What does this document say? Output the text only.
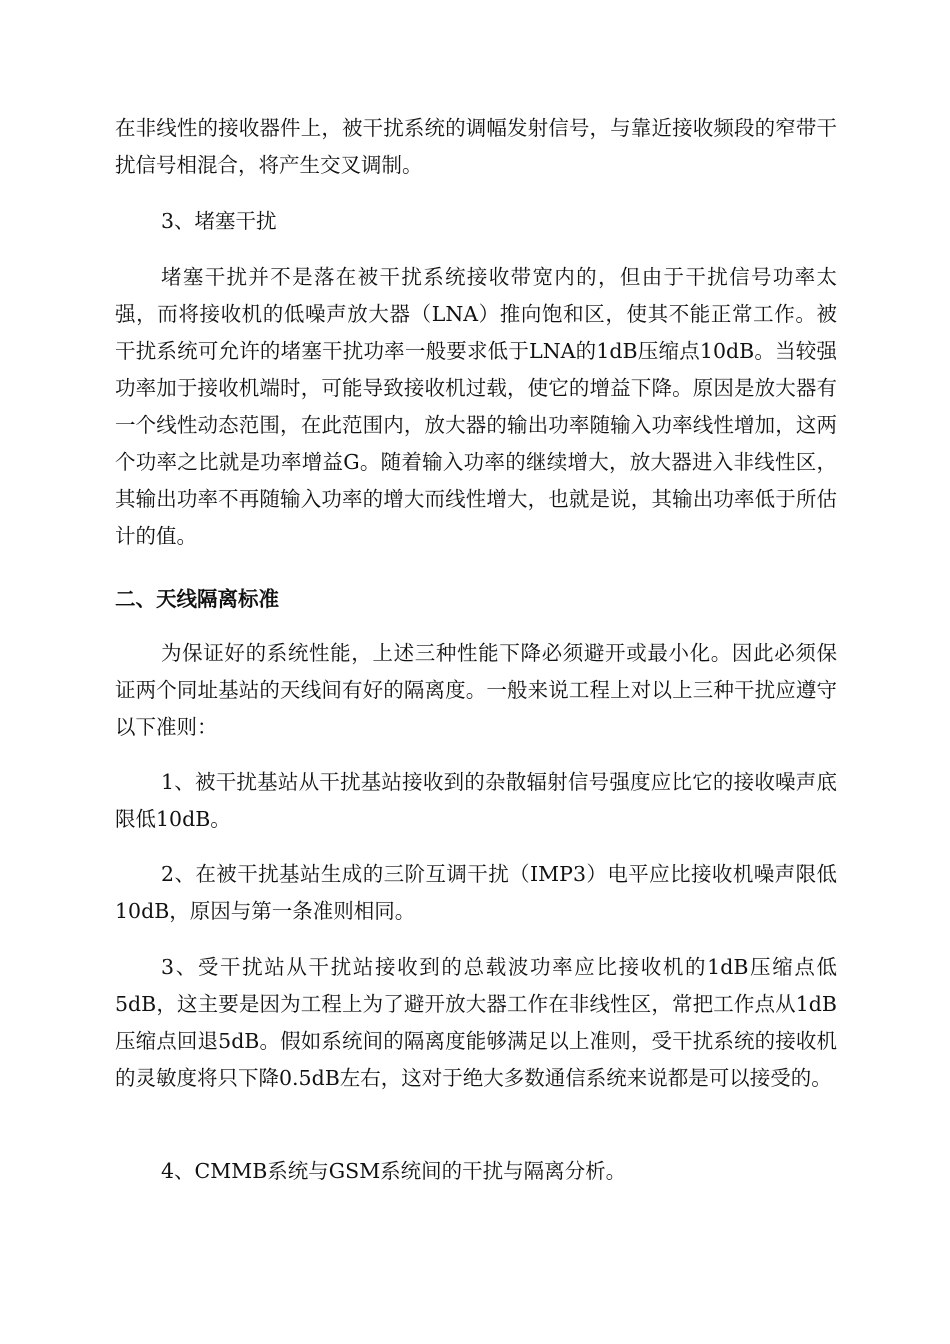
在非线性的接收器件上，被干扰系统的调幅发射信号，与靠近接收频段的窄带干扰信号相混合，将产生交叉调制。

3、堵塞干扰

堵塞干扰并不是落在被干扰系统接收带宽内的，但由于干扰信号功率太强，而将接收机的低噪声放大器（LNA）推向饱和区，使其不能正常工作。被干扰系统可允许的堵塞干扰功率一般要求低于LNA的1dB压缩点10dB。当较强功率加于接收机端时，可能导致接收机过载，使它的增益下降。原因是放大器有一个线性动态范围，在此范围内，放大器的输出功率随输入功率线性增加，这两个功率之比就是功率增益G。随着输入功率的继续增大，放大器进入非线性区，其输出功率不再随输入功率的增大而线性增大，也就是说，其输出功率低于所估计的值。

二、天线隔离标准

为保证好的系统性能，上述三种性能下降必须避开或最小化。因此必须保证两个同址基站的天线间有好的隔离度。一般来说工程上对以上三种干扰应遵守以下准则：

1、被干扰基站从干扰基站接收到的杂散辐射信号强度应比它的接收噪声底限低10dB。

2、在被干扰基站生成的三阶互调干扰（IMP3）电平应比接收机噪声限低10dB，原因与第一条准则相同。

3、受干扰站从干扰站接收到的总载波功率应比接收机的1dB压缩点低5dB，这主要是因为工程上为了避开放大器工作在非线性区，常把工作点从1dB压缩点回退5dB。假如系统间的隔离度能够满足以上准则，受干扰系统的接收机的灵敏度将只下降0.5dB左右，这对于绝大多数通信系统来说都是可以接受的。

4、CMMB系统与GSM系统间的干扰与隔离分析。
